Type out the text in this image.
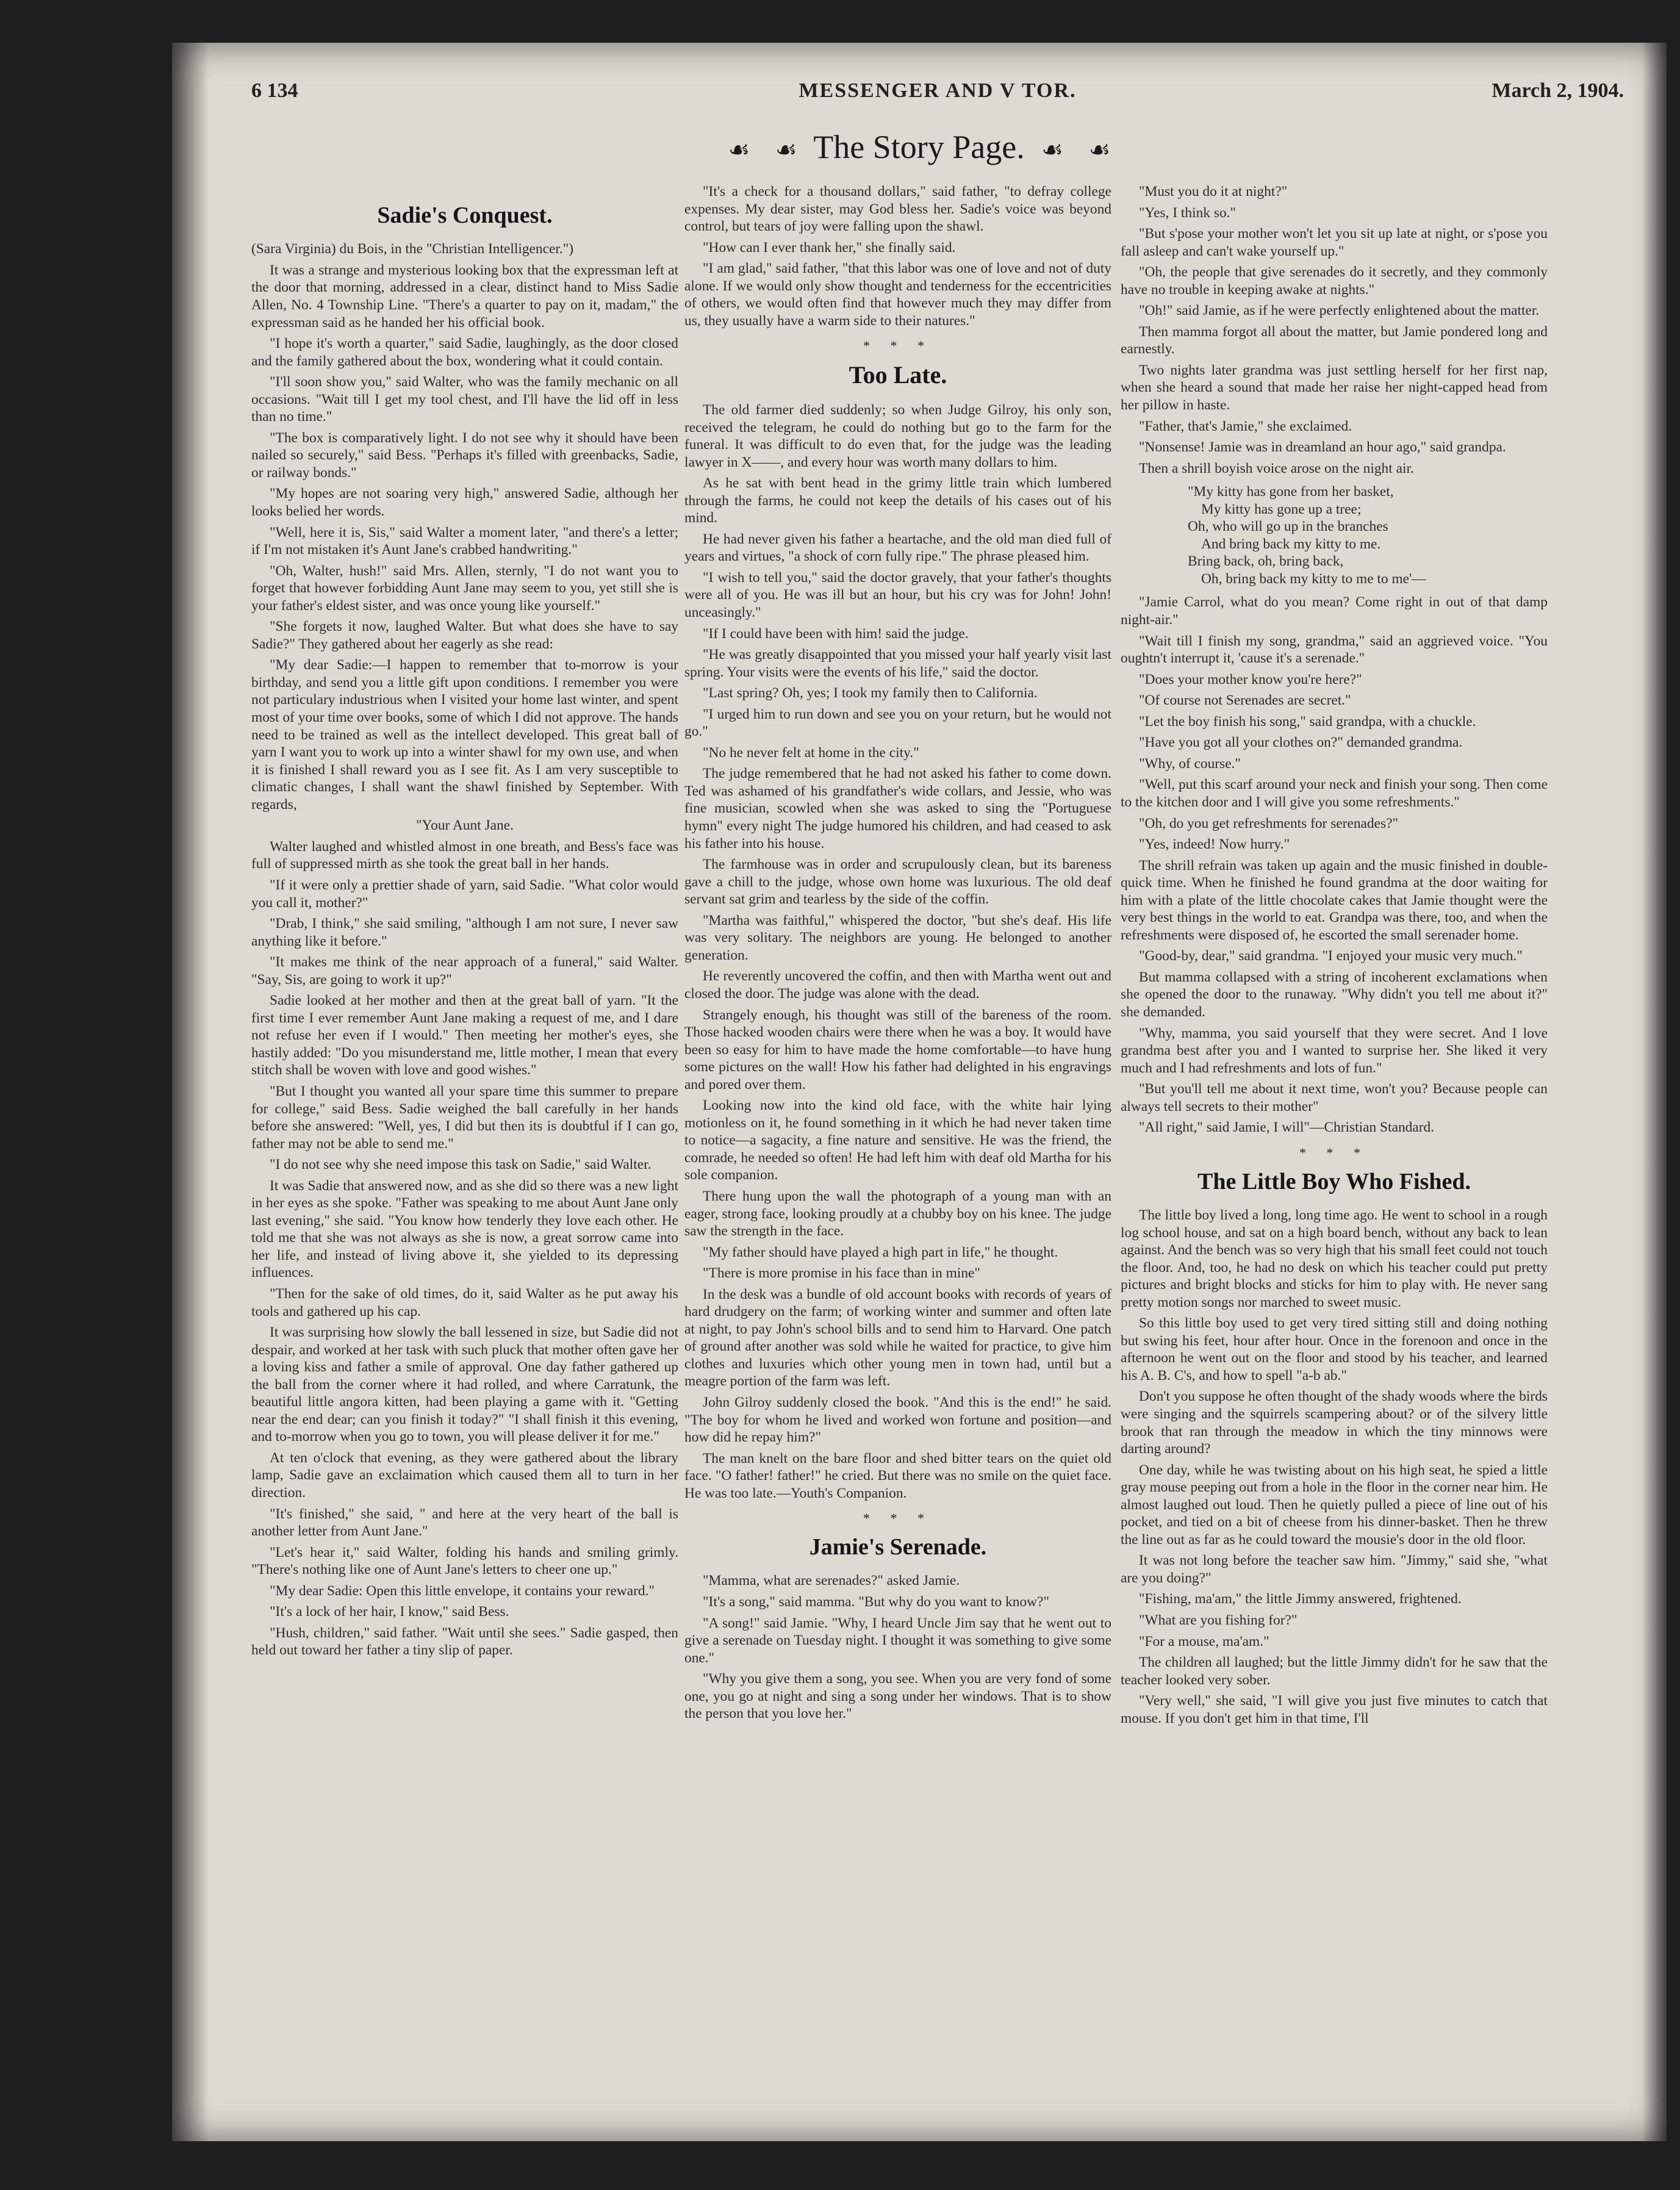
6 134	MESSENGER AND V TOR.	March 2, 1904.
☙ ☙ The Story Page. ☙ ☙
Sadie's Conquest.

(Sara Virginia) du Bois, in the "Christian Intelligencer.")

It was a strange and mysterious looking box that the expressman left at the door that morning, addressed in a clear, distinct hand to Miss Sadie Allen, No. 4 Township Line. "There's a quarter to pay on it, madam," the expressman said as he handed her his official book.

"I hope it's worth a quarter," said Sadie, laughingly, as the door closed and the family gathered about the box, wondering what it could contain.

"I'll soon show you," said Walter, who was the family mechanic on all occasions. "Wait till I get my tool chest, and I'll have the lid off in less than no time."

"The box is comparatively light. I do not see why it should have been nailed so securely," said Bess. "Perhaps it's filled with greenbacks, Sadie, or railway bonds."

"My hopes are not soaring very high," answered Sadie, although her looks belied her words.

"Well, here it is, Sis," said Walter a moment later, "and there's a letter; if I'm not mistaken it's Aunt Jane's crabbed handwriting."

"Oh, Walter, hush!" said Mrs. Allen, sternly, "I do not want you to forget that however forbidding Aunt Jane may seem to you, yet still she is your father's eldest sister, and was once young like yourself."

"She forgets it now, laughed Walter. But what does she have to say Sadie?" They gathered about her eagerly as she read:

"My dear Sadie:—I happen to remember that to-morrow is your birthday, and send you a little gift upon conditions. I remember you were not particulary industrious when I visited your home last winter, and spent most of your time over books, some of which I did not approve. The hands need to be trained as well as the intellect developed. This great ball of yarn I want you to work up into a winter shawl for my own use, and when it is finished I shall reward you as I see fit. As I am very susceptible to climatic changes, I shall want the shawl finished by September. With regards,

"Your Aunt Jane.

Walter laughed and whistled almost in one breath, and Bess's face was full of suppressed mirth as she took the great ball in her hands.

"If it were only a prettier shade of yarn, said Sadie. "What color would you call it, mother?"

"Drab, I think," she said smiling, "although I am not sure, I never saw anything like it before."

"It makes me think of the near approach of a funeral," said Walter. "Say, Sis, are going to work it up?"

Sadie looked at her mother and then at the great ball of yarn. "It the first time I ever remember Aunt Jane making a request of me, and I dare not refuse her even if I would." Then meeting her mother's eyes, she hastily added: "Do you misunderstand me, little mother, I mean that every stitch shall be woven with love and good wishes."

"But I thought you wanted all your spare time this summer to prepare for college," said Bess. Sadie weighed the ball carefully in her hands before she answered: "Well, yes, I did but then its is doubtful if I can go, father may not be able to send me."

"I do not see why she need impose this task on Sadie," said Walter.

It was Sadie that answered now, and as she did so there was a new light in her eyes as she spoke. "Father was speaking to me about Aunt Jane only last evening," she said. "You know how tenderly they love each other. He told me that she was not always as she is now, a great sorrow came into her life, and instead of living above it, she yielded to its depressing influences.

"Then for the sake of old times, do it, said Walter as he put away his tools and gathered up his cap.

It was surprising how slowly the ball lessened in size, but Sadie did not despair, and worked at her task with such pluck that mother often gave her a loving kiss and father a smile of approval. One day father gathered up the ball from the corner where it had rolled, and where Carratunk, the beautiful little angora kitten, had been playing a game with it. "Getting near the end dear; can you finish it today?" "I shall finish it this evening, and to-morrow when you go to town, you will please deliver it for me."

At ten o'clock that evening, as they were gathered about the library lamp, Sadie gave an exclaimation which caused them all to turn in her direction.

"It's finished," she said, " and here at the very heart of the ball is another letter from Aunt Jane."

"Let's hear it," said Walter, folding his hands and smiling grimly. "There's nothing like one of Aunt Jane's letters to cheer one up."

"My dear Sadie: Open this little envelope, it contains your reward."

"It's a lock of her hair, I know," said Bess.

"Hush, children," said father. "Wait until she sees." Sadie gasped, then held out toward her father a tiny slip of paper.

"It's a check for a thousand dollars," said father, "to defray college expenses. My dear sister, may God bless her. Sadie's voice was beyond control, but tears of joy were falling upon the shawl.

"How can I ever thank her," she finally said.

"I am glad," said father, "that this labor was one of love and not of duty alone. If we would only show thought and tenderness for the eccentricities of others, we would often find that however much they may differ from us, they usually have a warm side to their natures."

* * *
Too Late.

The old farmer died suddenly; so when Judge Gilroy, his only son, received the telegram, he could do nothing but go to the farm for the funeral. It was difficult to do even that, for the judge was the leading lawyer in X——, and every hour was worth many dollars to him.

As he sat with bent head in the grimy little train which lumbered through the farms, he could not keep the details of his cases out of his mind.

He had never given his father a heartache, and the old man died full of years and virtues, "a shock of corn fully ripe." The phrase pleased him.

"I wish to tell you," said the doctor gravely, that your father's thoughts were all of you. He was ill but an hour, but his cry was for John! John! unceasingly."

"If I could have been with him! said the judge.

"He was greatly disappointed that you missed your half yearly visit last spring. Your visits were the events of his life," said the doctor.

"Last spring? Oh, yes; I took my family then to California.

"I urged him to run down and see you on your return, but he would not go."

"No he never felt at home in the city."

The judge remembered that he had not asked his father to come down. Ted was ashamed of his grandfather's wide collars, and Jessie, who was fine musician, scowled when she was asked to sing the "Portuguese hymn" every night The judge humored his children, and had ceased to ask his father into his house.

The farmhouse was in order and scrupulously clean, but its bareness gave a chill to the judge, whose own home was luxurious. The old deaf servant sat grim and tearless by the side of the coffin.

"Martha was faithful," whispered the doctor, "but she's deaf. His life was very solitary. The neighbors are young. He belonged to another generation.

He reverently uncovered the coffin, and then with Martha went out and closed the door. The judge was alone with the dead.

Strangely enough, his thought was still of the bareness of the room. Those hacked wooden chairs were there when he was a boy. It would have been so easy for him to have made the home comfortable—to have hung some pictures on the wall! How his father had delighted in his engravings and pored over them.

Looking now into the kind old face, with the white hair lying motionless on it, he found something in it which he had never taken time to notice—a sagacity, a fine nature and sensitive. He was the friend, the comrade, he needed so often! He had left him with deaf old Martha for his sole companion.

There hung upon the wall the photograph of a young man with an eager, strong face, looking proudly at a chubby boy on his knee. The judge saw the strength in the face.

"My father should have played a high part in life," he thought.

"There is more promise in his face than in mine"

In the desk was a bundle of old account books with records of years of hard drudgery on the farm; of working winter and summer and often late at night, to pay John's school bills and to send him to Harvard. One patch of ground after another was sold while he waited for practice, to give him clothes and luxuries which other young men in town had, until but a meagre portion of the farm was left.

John Gilroy suddenly closed the book. "And this is the end!" he said. "The boy for whom he lived and worked won fortune and position—and how did he repay him?"

The man knelt on the bare floor and shed bitter tears on the quiet old face. "O father! father!" he cried. But there was no smile on the quiet face. He was too late.—Youth's Companion.

* * *
Jamie's Serenade.

"Mamma, what are serenades?" asked Jamie.

"It's a song," said mamma. "But why do you want to know?"

"A song!" said Jamie. "Why, I heard Uncle Jim say that he went out to give a serenade on Tuesday night. I thought it was something to give some one."

"Why you give them a song, you see. When you are very fond of some one, you go at night and sing a song under her windows. That is to show the person that you love her."

"Must you do it at night?"

"Yes, I think so."

"But s'pose your mother won't let you sit up late at night, or s'pose you fall asleep and can't wake yourself up."

"Oh, the people that give serenades do it secretly, and they commonly have no trouble in keeping awake at nights."

"Oh!" said Jamie, as if he were perfectly enlightened about the matter.

Then mamma forgot all about the matter, but Jamie pondered long and earnestly.

Two nights later grandma was just settling herself for her first nap, when she heard a sound that made her raise her night-capped head from her pillow in haste.

"Father, that's Jamie," she exclaimed.

"Nonsense! Jamie was in dreamland an hour ago," said grandpa.

Then a shrill boyish voice arose on the night air.

"My kitty has gone from her basket,
My kitty has gone up a tree;
Oh, who will go up in the branches
And bring back my kitty to me.
Bring back, oh, bring back,
Oh, bring back my kitty to me to me'—

"Jamie Carrol, what do you mean? Come right in out of that damp night-air."

"Wait till I finish my song, grandma," said an aggrieved voice. "You oughtn't interrupt it, 'cause it's a serenade."

"Does your mother know you're here?"

"Of course not Serenades are secret."

"Let the boy finish his song," said grandpa, with a chuckle.

"Have you got all your clothes on?" demanded grandma.

"Why, of course."

"Well, put this scarf around your neck and finish your song. Then come to the kitchen door and I will give you some refreshments."

"Oh, do you get refreshments for serenades?"

"Yes, indeed! Now hurry."

The shrill refrain was taken up again and the music finished in double-quick time. When he finished he found grandma at the door waiting for him with a plate of the little chocolate cakes that Jamie thought were the very best things in the world to eat. Grandpa was there, too, and when the refreshments were disposed of, he escorted the small serenader home.

"Good-by, dear," said grandma. "I enjoyed your music very much."

But mamma collapsed with a string of incoherent exclamations when she opened the door to the runaway. "Why didn't you tell me about it?" she demanded.

"Why, mamma, you said yourself that they were secret. And I love grandma best after you and I wanted to surprise her. She liked it very much and I had refreshments and lots of fun."

"But you'll tell me about it next time, won't you? Because people can always tell secrets to their mother"

"All right," said Jamie, I will"—Christian Standard.

* * *
The Little Boy Who Fished.

The little boy lived a long, long time ago. He went to school in a rough log school house, and sat on a high board bench, without any back to lean against. And the bench was so very high that his small feet could not touch the floor. And, too, he had no desk on which his teacher could put pretty pictures and bright blocks and sticks for him to play with. He never sang pretty motion songs nor marched to sweet music.

So this little boy used to get very tired sitting still and doing nothing but swing his feet, hour after hour. Once in the forenoon and once in the afternoon he went out on the floor and stood by his teacher, and learned his A. B. C's, and how to spell "a-b ab."

Don't you suppose he often thought of the shady woods where the birds were singing and the squirrels scampering about? or of the silvery little brook that ran through the meadow in which the tiny minnows were darting around?

One day, while he was twisting about on his high seat, he spied a little gray mouse peeping out from a hole in the floor in the corner near him. He almost laughed out loud. Then he quietly pulled a piece of line out of his pocket, and tied on a bit of cheese from his dinner-basket. Then he threw the line out as far as he could toward the mousie's door in the old floor.

It was not long before the teacher saw him. "Jimmy," said she, "what are you doing?"

"Fishing, ma'am," the little Jimmy answered, frightened.

"What are you fishing for?"

"For a mouse, ma'am."

The children all laughed; but the little Jimmy didn't for he saw that the teacher looked very sober.

"Very well," she said, "I will give you just five minutes to catch that mouse. If you don't get him in that time, I'll
